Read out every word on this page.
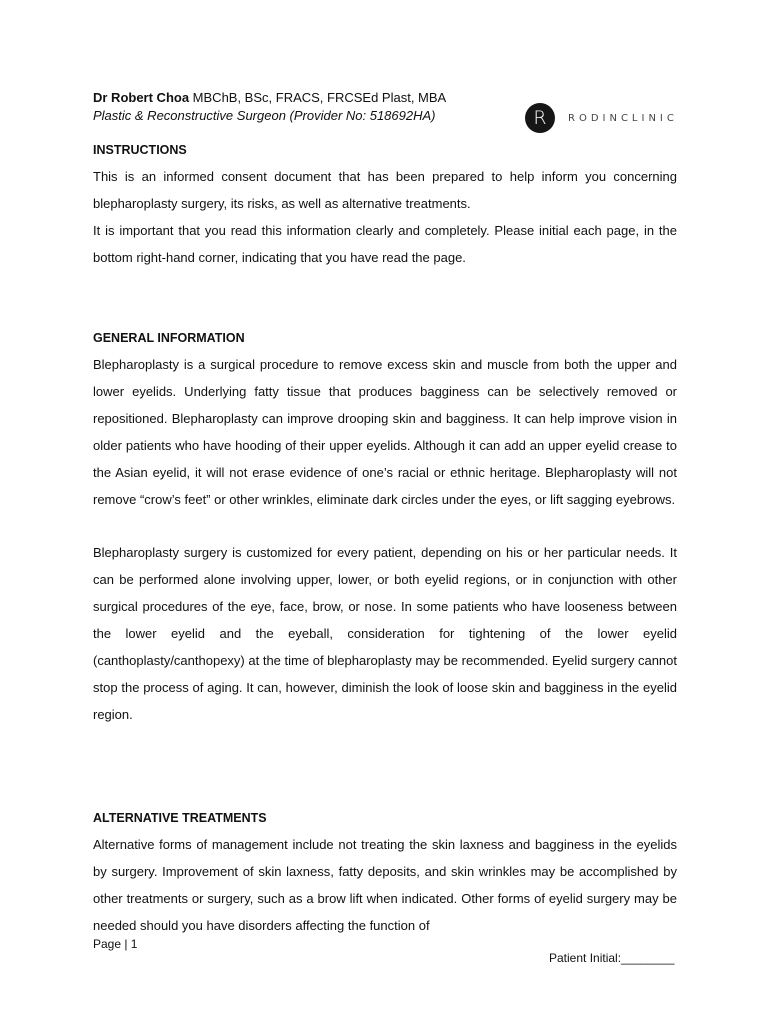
Dr Robert Choa MBChB, BSc, FRACS, FRCSEd Plast, MBA
Plastic & Reconstructive Surgeon (Provider No: 518692HA)	R	RODINCLINIC

INSTRUCTIONS

This is an informed consent document that has been prepared to help inform you concerning blepharoplasty surgery, its risks, as well as alternative treatments.

It is important that you read this information clearly and completely. Please initial each page, in the bottom right-hand corner, indicating that you have read the page.

GENERAL INFORMATION

Blepharoplasty is a surgical procedure to remove excess skin and muscle from both the upper and lower eyelids. Underlying fatty tissue that produces bagginess can be selectively removed or repositioned. Blepharoplasty can improve drooping skin and bagginess. It can help improve vision in older patients who have hooding of their upper eyelids. Although it can add an upper eyelid crease to the Asian eyelid, it will not erase evidence of one’s racial or ethnic heritage. Blepharoplasty will not remove “crow’s feet” or other wrinkles, eliminate dark circles under the eyes, or lift sagging eyebrows.

Blepharoplasty surgery is customized for every patient, depending on his or her particular needs. It can be performed alone involving upper, lower, or both eyelid regions, or in conjunction with other surgical procedures of the eye, face, brow, or nose. In some patients who have looseness between the lower eyelid and the eyeball, consideration for tightening of the lower eyelid (canthoplasty/canthopexy) at the time of blepharoplasty may be recommended. Eyelid surgery cannot stop the process of aging. It can, however, diminish the look of loose skin and bagginess in the eyelid region.

ALTERNATIVE TREATMENTS

Alternative forms of management include not treating the skin laxness and bagginess in the eyelids by surgery. Improvement of skin laxness, fatty deposits, and skin wrinkles may be accomplished by other treatments or surgery, such as a brow lift when indicated. Other forms of eyelid surgery may be needed should you have disorders affecting the function of

Page | 1
Patient Initial:________
